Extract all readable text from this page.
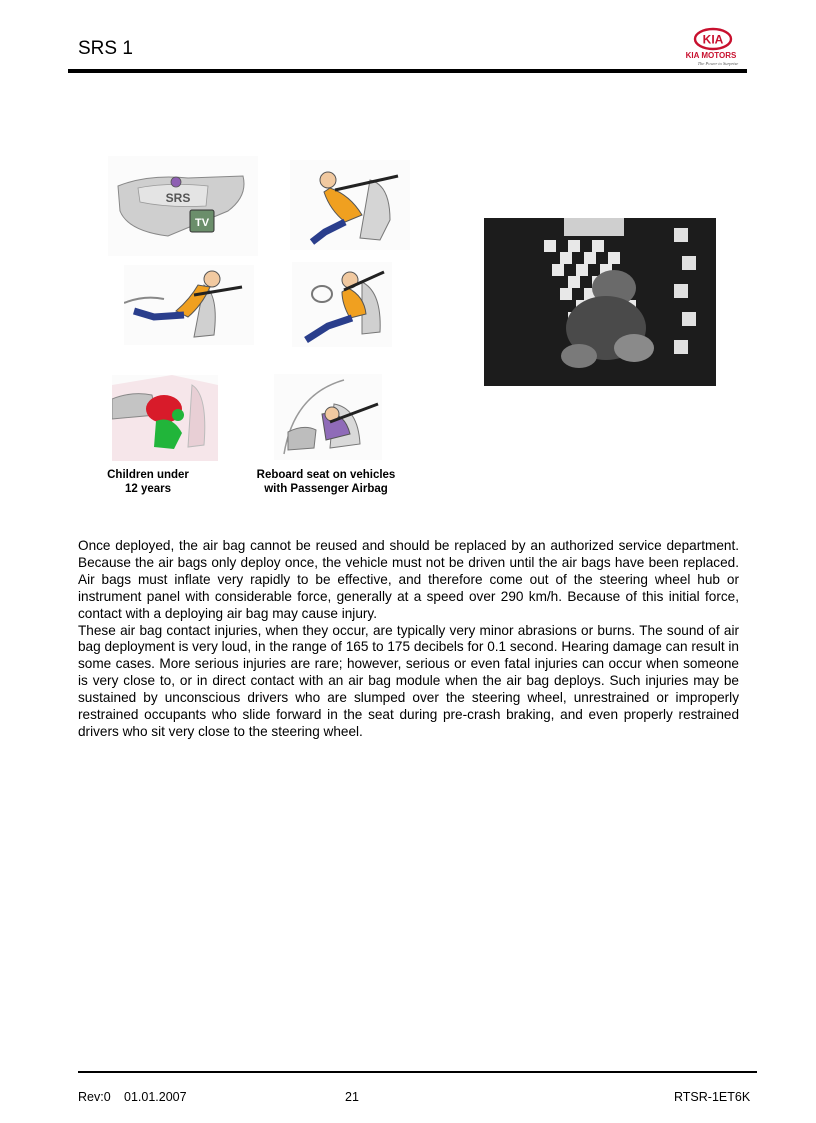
SRS 1	KIA
KIA MOTORS
The Power to Surprise
SRS
TV
Children under
12 years
Reboard seat on vehicles
with Passenger Airbag

Once deployed, the air bag cannot be reused and should be replaced by an authorized service department. Because the air bags only deploy once, the vehicle must not be driven until the air bags have been replaced. Air bags must inflate very rapidly to be effective, and therefore come out of the steering wheel hub or instrument panel with considerable force, generally at a speed over 290 km/h. Because of this initial force, contact with a deploying air bag may cause injury.

These air bag contact injuries, when they occur, are typically very minor abrasions or burns. The sound of air bag deployment is very loud, in the range of 165 to 175 decibels for 0.1 second. Hearing damage can result in some cases. More serious injuries are rare; however, serious or even fatal injuries can occur when someone is very close to, or in direct contact with an air bag module when the air bag deploys. Such injuries may be sustained by unconscious drivers who are slumped over the steering wheel, unrestrained or improperly restrained occupants who slide forward in the seat during pre-crash braking, and even properly restrained drivers who sit very close to the steering wheel.

Rev:0 01.01.2007	21	RTSR-1ET6K
